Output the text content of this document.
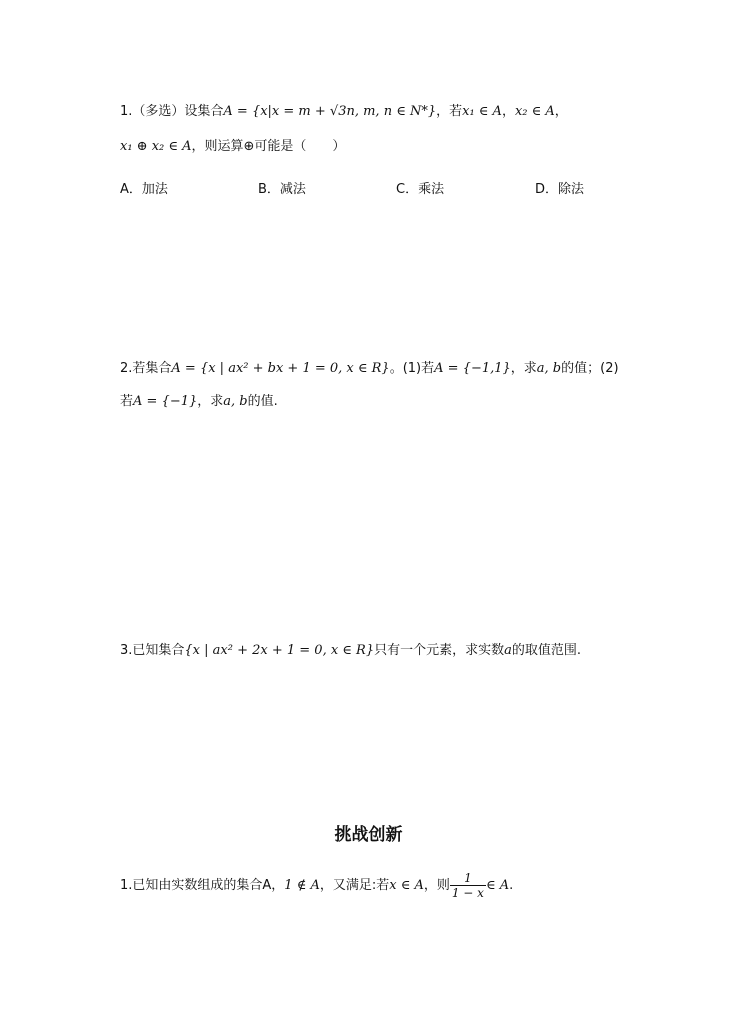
1.（多选）设集合A = {x|x = m + √3n, m, n ∈ N*}，若x₁ ∈ A，x₂ ∈ A，
x₁ ⊕ x₂ ∈ A，则运算⊕可能是（　　）
A．加法	B．减法	C．乘法	D．除法
2.若集合A = {x | ax² + bx + 1 = 0, x ∈ R}。(1)若A = {−1,1}，求a, b的值；(2)
若A = {−1}，求a, b的值.
3.已知集合{x | ax² + 2x + 1 = 0, x ∈ R}只有一个元素，求实数a的取值范围.
挑战创新
1.已知由实数组成的集合A，1 ∉ A，又满足:若x ∈ A，则 $\frac{1}{1 - x}$ ∈ A.
